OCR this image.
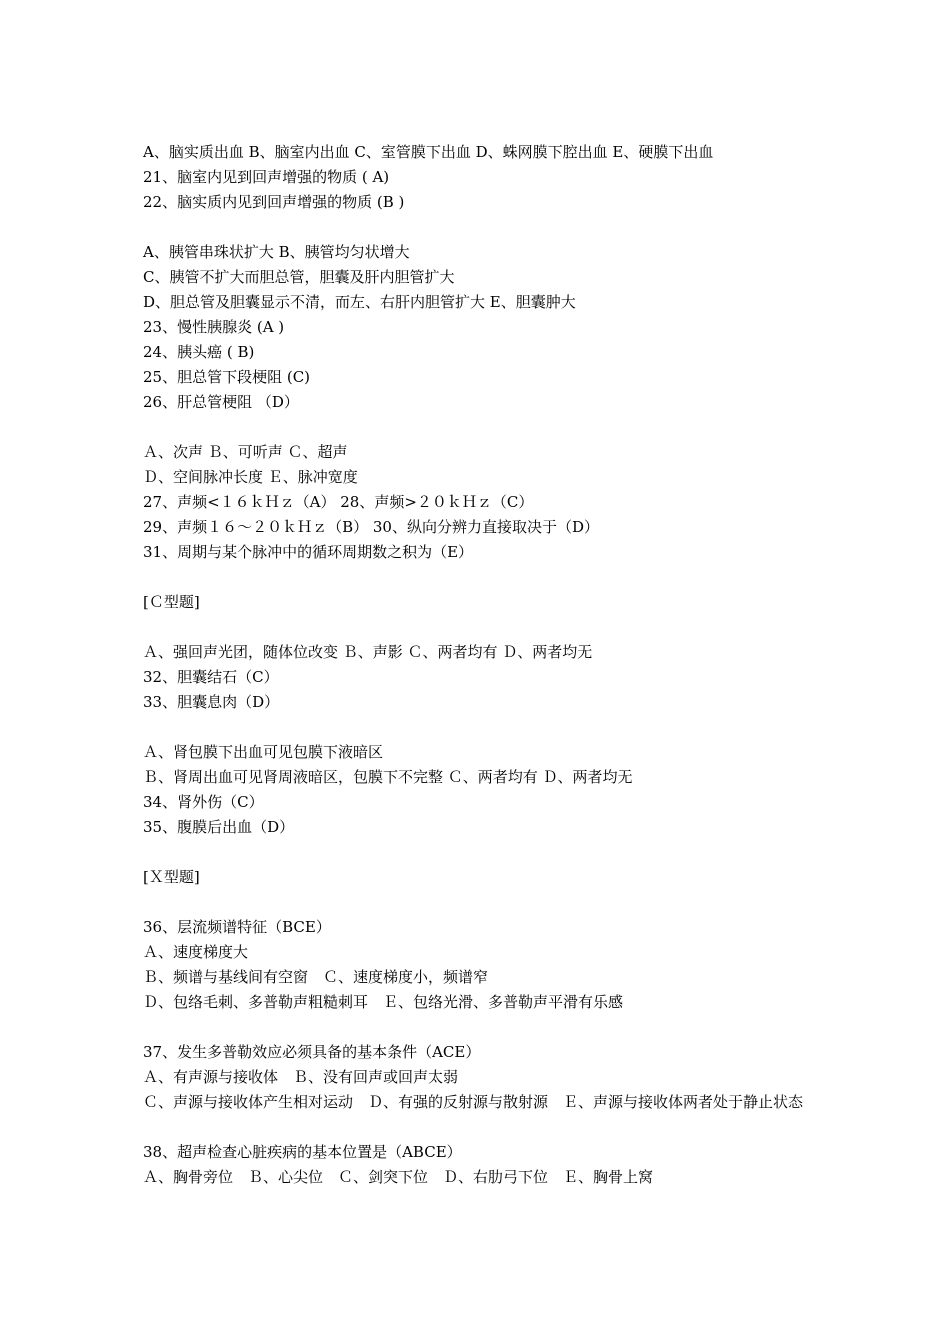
A、脑实质出血 B、脑室内出血 C、室管膜下出血 D、蛛网膜下腔出血 E、硬膜下出血
21、脑室内见到回声增强的物质 ( A)
22、脑实质内见到回声增强的物质 (B )
A、胰管串珠状扩大 B、胰管均匀状增大
C、胰管不扩大而胆总管，胆囊及肝内胆管扩大
D、胆总管及胆囊显示不清，而左、右肝内胆管扩大 E、胆囊肿大
23、慢性胰腺炎 (A )
24、胰头癌 ( B)
25、胆总管下段梗阻 (C)
26、肝总管梗阻 （D）
Ａ、次声 Ｂ、可听声 Ｃ、超声
Ｄ、空间脉冲长度 Ｅ、脉冲宽度
27、声频<１６ｋＨｚ（A） 28、声频>２０ｋＨｚ（C）
29、声频１６～２０ｋＨｚ（B） 30、纵向分辨力直接取决于（D）
31、周期与某个脉冲中的循环周期数之积为（E）
[Ｃ型题]
Ａ、强回声光团，随体位改变 Ｂ、声影 Ｃ、两者均有 Ｄ、两者均无
32、胆囊结石（C）
33、胆囊息肉（D）
Ａ、肾包膜下出血可见包膜下液暗区
Ｂ、肾周出血可见肾周液暗区，包膜下不完整 Ｃ、两者均有 Ｄ、两者均无
34、肾外伤（C）
35、腹膜后出血（D）
[Ｘ型题]
36、层流频谱特征（BCE）
Ａ、速度梯度大
Ｂ、频谱与基线间有空窗　Ｃ、速度梯度小，频谱窄
Ｄ、包络毛刺、多普勒声粗糙刺耳　Ｅ、包络光滑、多普勒声平滑有乐感
37、发生多普勒效应必须具备的基本条件（ACE）
Ａ、有声源与接收体　Ｂ、没有回声或回声太弱
Ｃ、声源与接收体产生相对运动　Ｄ、有强的反射源与散射源　Ｅ、声源与接收体两者处于静止状态
38、超声检查心脏疾病的基本位置是（ABCE）
Ａ、胸骨旁位　Ｂ、心尖位　Ｃ、剑突下位　Ｄ、右肋弓下位　Ｅ、胸骨上窝
